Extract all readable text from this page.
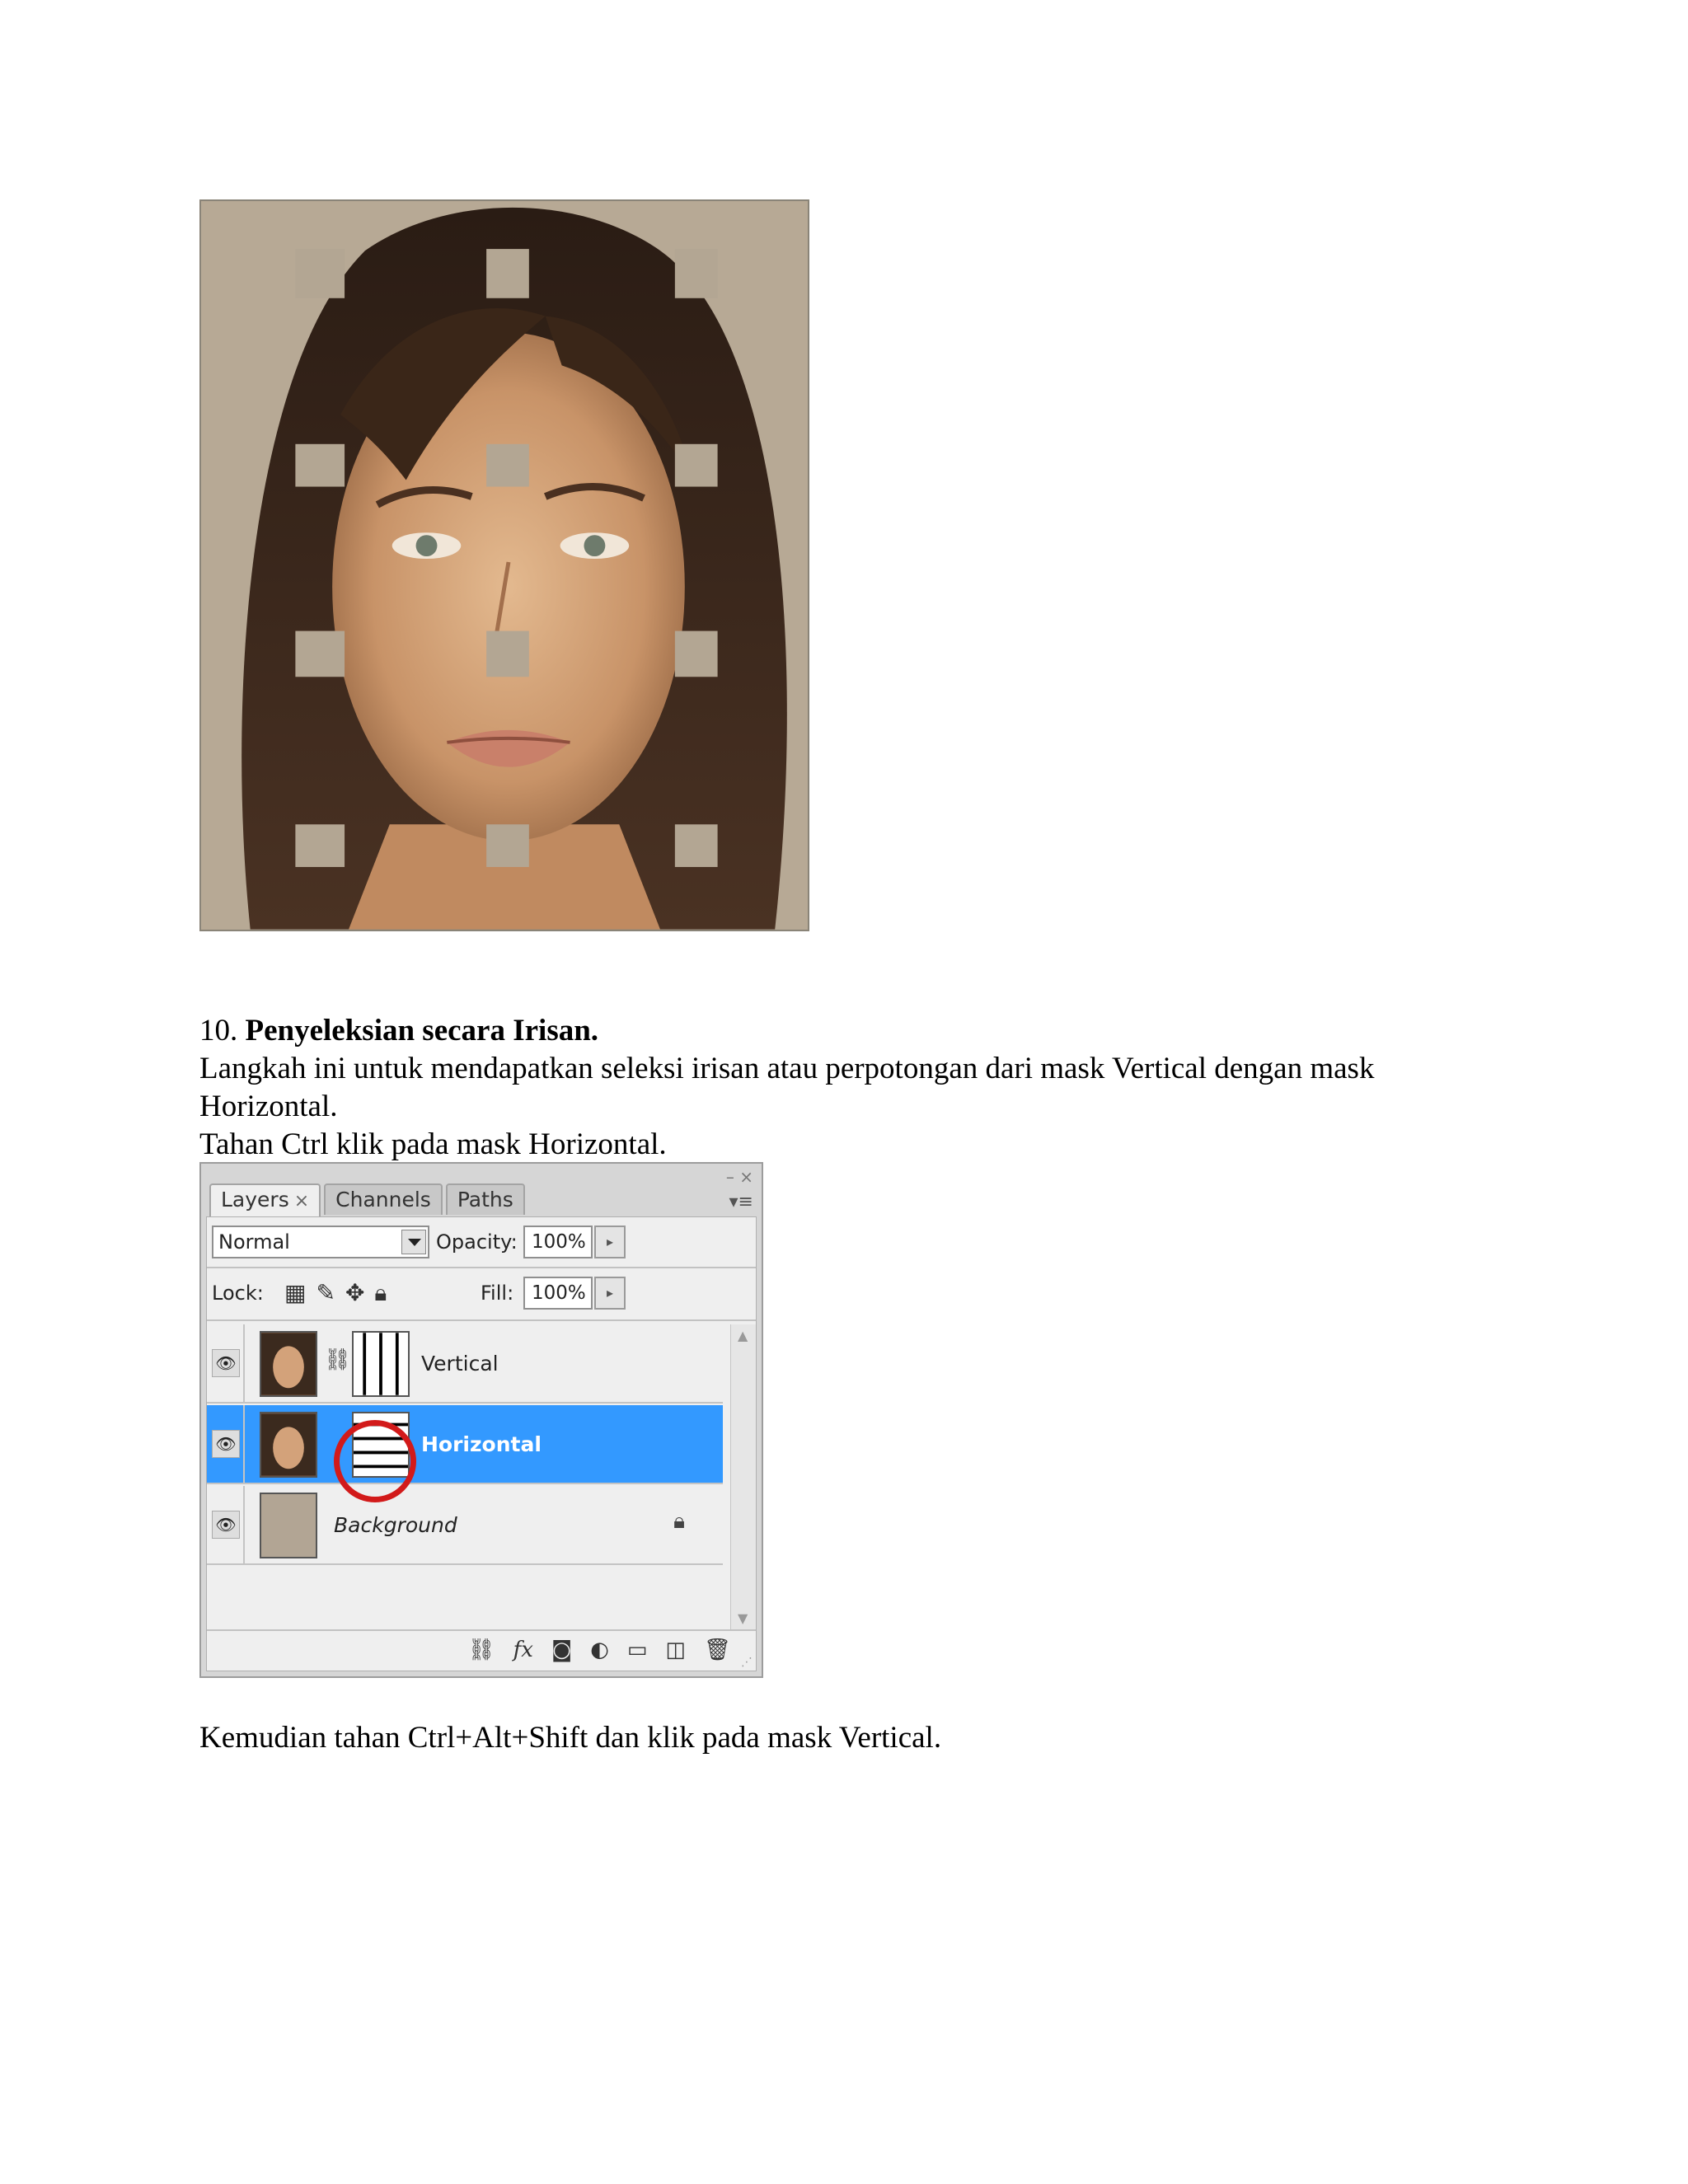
10. Penyeleksian secara Irisan.
Langkah ini untuk mendapatkan seleksi irisan atau perpotongan dari mask Vertical dengan mask Horizontal.
Tahan Ctrl klik pada mask Horizontal.
– ×
Layers ×	Channels	Paths	▾≡
Normal	Opacity: 100%	▸
Lock: ▦ ✎ ✥ 🔒︎	Fill: 100%	▸
👁︎	⛓	Vertical
👁︎	Horizontal
👁︎	Background	🔒︎
▲
▼
⛓ fx ◙ ◐ ▭ ◫ 🗑︎ ⋰
Kemudian tahan Ctrl+Alt+Shift dan klik pada mask Vertical.
